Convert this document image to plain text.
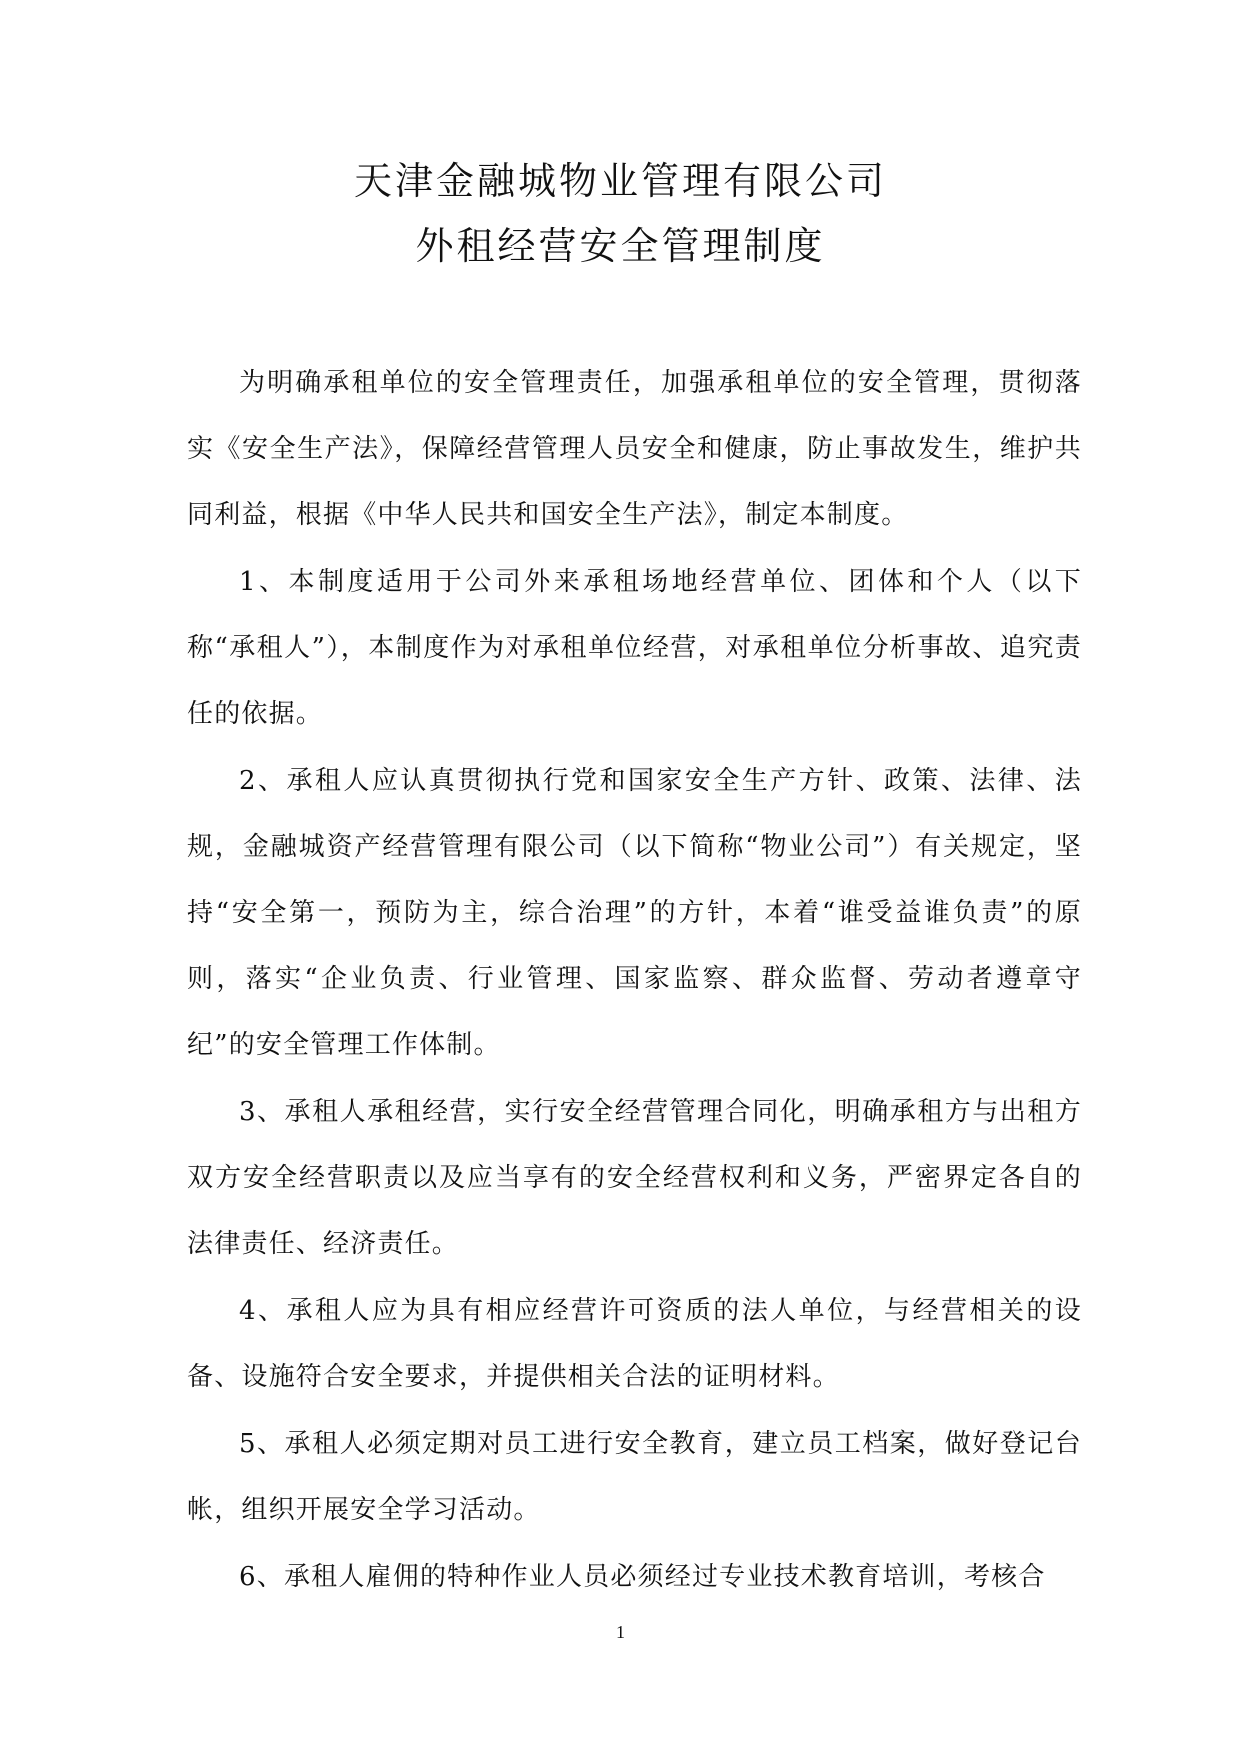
天津金融城物业管理有限公司
外租经营安全管理制度

为明确承租单位的安全管理责任，加强承租单位的安全管理，贯彻落实《安全生产法》，保障经营管理人员安全和健康，防止事故发生，维护共同利益，根据《中华人民共和国安全生产法》，制定本制度。

1、本制度适用于公司外来承租场地经营单位、团体和个人（以下称“承租人”），本制度作为对承租单位经营，对承租单位分析事故、追究责任的依据。

2、承租人应认真贯彻执行党和国家安全生产方针、政策、法律、法规，金融城资产经营管理有限公司（以下简称“物业公司”）有关规定，坚持“安全第一，预防为主，综合治理”的方针，本着“谁受益谁负责”的原则，落实“企业负责、行业管理、国家监察、群众监督、劳动者遵章守纪”的安全管理工作体制。

3、承租人承租经营，实行安全经营管理合同化，明确承租方与出租方双方安全经营职责以及应当享有的安全经营权利和义务，严密界定各自的法律责任、经济责任。

4、承租人应为具有相应经营许可资质的法人单位，与经营相关的设备、设施符合安全要求，并提供相关合法的证明材料。

5、承租人必须定期对员工进行安全教育，建立员工档案，做好登记台帐，组织开展安全学习活动。

6、承租人雇佣的特种作业人员必须经过专业技术教育培训，考核合

1
